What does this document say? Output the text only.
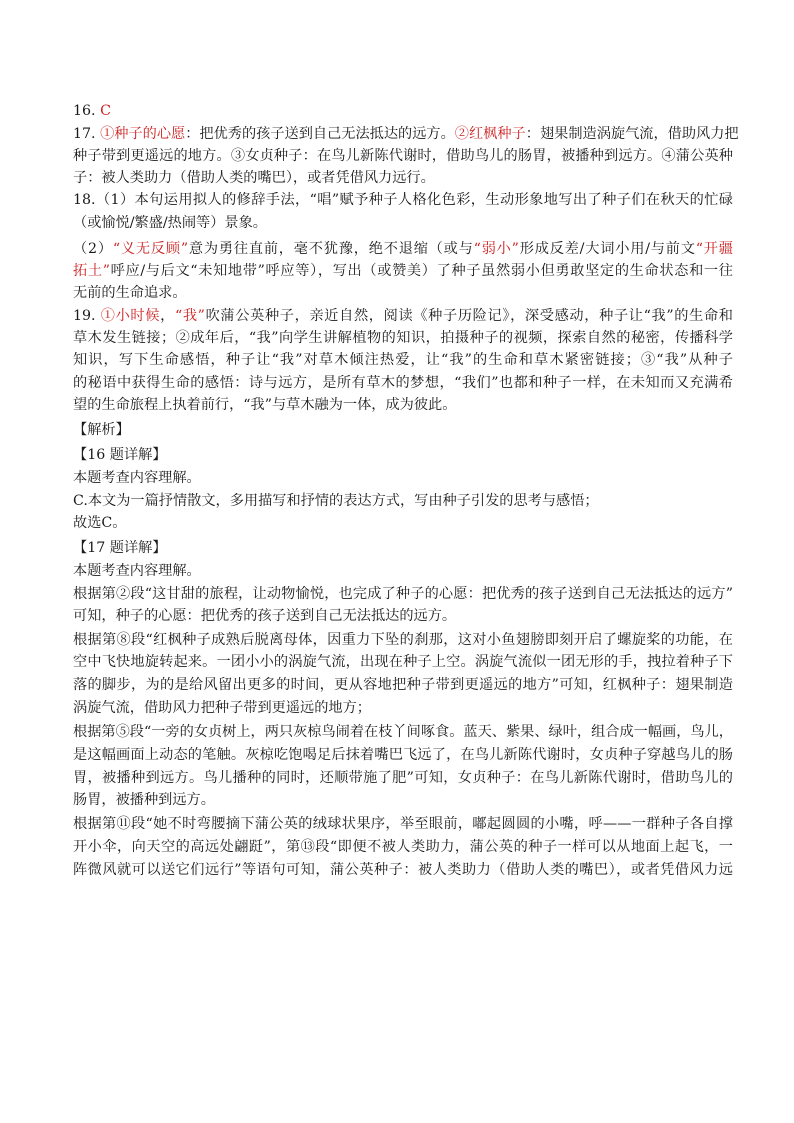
16. C
17. ①种子的心愿：把优秀的孩子送到自己无法抵达的远方。②红枫种子：翅果制造涡旋气流，借助风力把
种子带到更遥远的地方。③女贞种子：在鸟儿新陈代谢时，借助鸟儿的肠胃，被播种到远方。④蒲公英种
子：被人类助力（借助人类的嘴巴），或者凭借风力远行。
18.（1）本句运用拟人的修辞手法，“唱”赋予种子人格化色彩，生动形象地写出了种子们在秋天的忙碌
（或愉悦/繁盛/热闹等）景象。
（2）“义无反顾”意为勇往直前，毫不犹豫，绝不退缩（或与“弱小”形成反差/大词小用/与前文“开疆
拓土”呼应/与后文“未知地带”呼应等），写出（或赞美）了种子虽然弱小但勇敢坚定的生命状态和一往
无前的生命追求。
19. ①小时候，“我”吹蒲公英种子，亲近自然，阅读《种子历险记》，深受感动，种子让“我”的生命和
草木发生链接；②成年后，“我”向学生讲解植物的知识，拍摄种子的视频，探索自然的秘密，传播科学
知识，写下生命感悟，种子让“我”对草木倾注热爱，让“我”的生命和草木紧密链接；③“我”从种子
的秘语中获得生命的感悟：诗与远方，是所有草木的梦想，“我们”也都和种子一样，在未知而又充满希
望的生命旅程上执着前行，“我”与草木融为一体，成为彼此。
【解析】
【16 题详解】
本题考查内容理解。
C.本文为一篇抒情散文，多用描写和抒情的表达方式，写由种子引发的思考与感悟；
故选C。
【17 题详解】
本题考查内容理解。
根据第②段“这甘甜的旅程，让动物愉悦，也完成了种子的心愿：把优秀的孩子送到自己无法抵达的远方”
可知，种子的心愿：把优秀的孩子送到自己无法抵达的远方。
根据第⑧段“红枫种子成熟后脱离母体，因重力下坠的刹那，这对小鱼翅膀即刻开启了螺旋桨的功能，在
空中飞快地旋转起来。一团小小的涡旋气流，出现在种子上空。涡旋气流似一团无形的手，拽拉着种子下
落的脚步，为的是给风留出更多的时间，更从容地把种子带到更遥远的地方”可知，红枫种子：翅果制造
涡旋气流，借助风力把种子带到更遥远的地方；
根据第⑤段“一旁的女贞树上，两只灰椋鸟闹着在枝丫间啄食。蓝天、紫果、绿叶，组合成一幅画，鸟儿，
是这幅画面上动态的笔触。灰椋吃饱喝足后抹着嘴巴飞远了，在鸟儿新陈代谢时，女贞种子穿越鸟儿的肠
胃，被播种到远方。鸟儿播种的同时，还顺带施了肥”可知，女贞种子：在鸟儿新陈代谢时，借助鸟儿的
肠胃，被播种到远方。
根据第⑪段“她不时弯腰摘下蒲公英的绒球状果序，举至眼前，嘟起圆圆的小嘴，呼——一群种子各自撑
开小伞，向天空的高远处翩跹”，第⑬段“即便不被人类助力，蒲公英的种子一样可以从地面上起飞，一
阵微风就可以送它们远行”等语句可知，蒲公英种子：被人类助力（借助人类的嘴巴），或者凭借风力远
